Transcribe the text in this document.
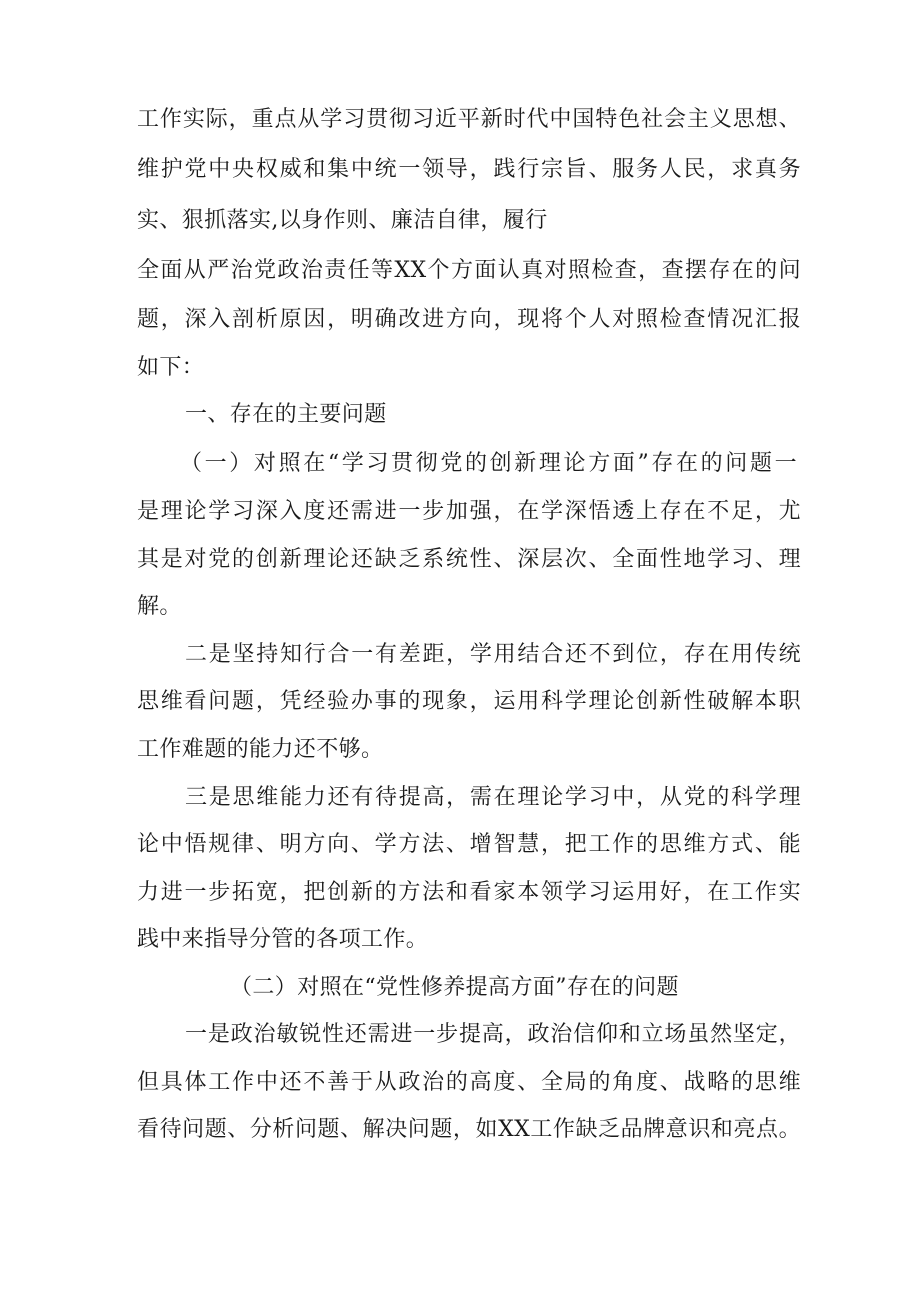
工作实际，重点从学习贯彻习近平新时代中国特色社会主义思想、
维护党中央权威和集中统一领导，践行宗旨、服务人民，求真务
实、狠抓落实,以身作则、廉洁自律，履行
全面从严治党政治责任等XX个方面认真对照检查，查摆存在的问
题，深入剖析原因，明确改进方向，现将个人对照检查情况汇报
如下：
一、存在的主要问题
（一）对照在“学习贯彻党的创新理论方面”存在的问题一
是理论学习深入度还需进一步加强，在学深悟透上存在不足，尤
其是对党的创新理论还缺乏系统性、深层次、全面性地学习、理
解。
二是坚持知行合一有差距，学用结合还不到位，存在用传统
思维看问题，凭经验办事的现象，运用科学理论创新性破解本职
工作难题的能力还不够。
三是思维能力还有待提高，需在理论学习中，从党的科学理
论中悟规律、明方向、学方法、增智慧，把工作的思维方式、能
力进一步拓宽，把创新的方法和看家本领学习运用好，在工作实
践中来指导分管的各项工作。
（二）对照在“党性修养提高方面”存在的问题
一是政治敏锐性还需进一步提高，政治信仰和立场虽然坚定，
但具体工作中还不善于从政治的高度、全局的角度、战略的思维
看待问题、分析问题、解决问题，如XX工作缺乏品牌意识和亮点。
